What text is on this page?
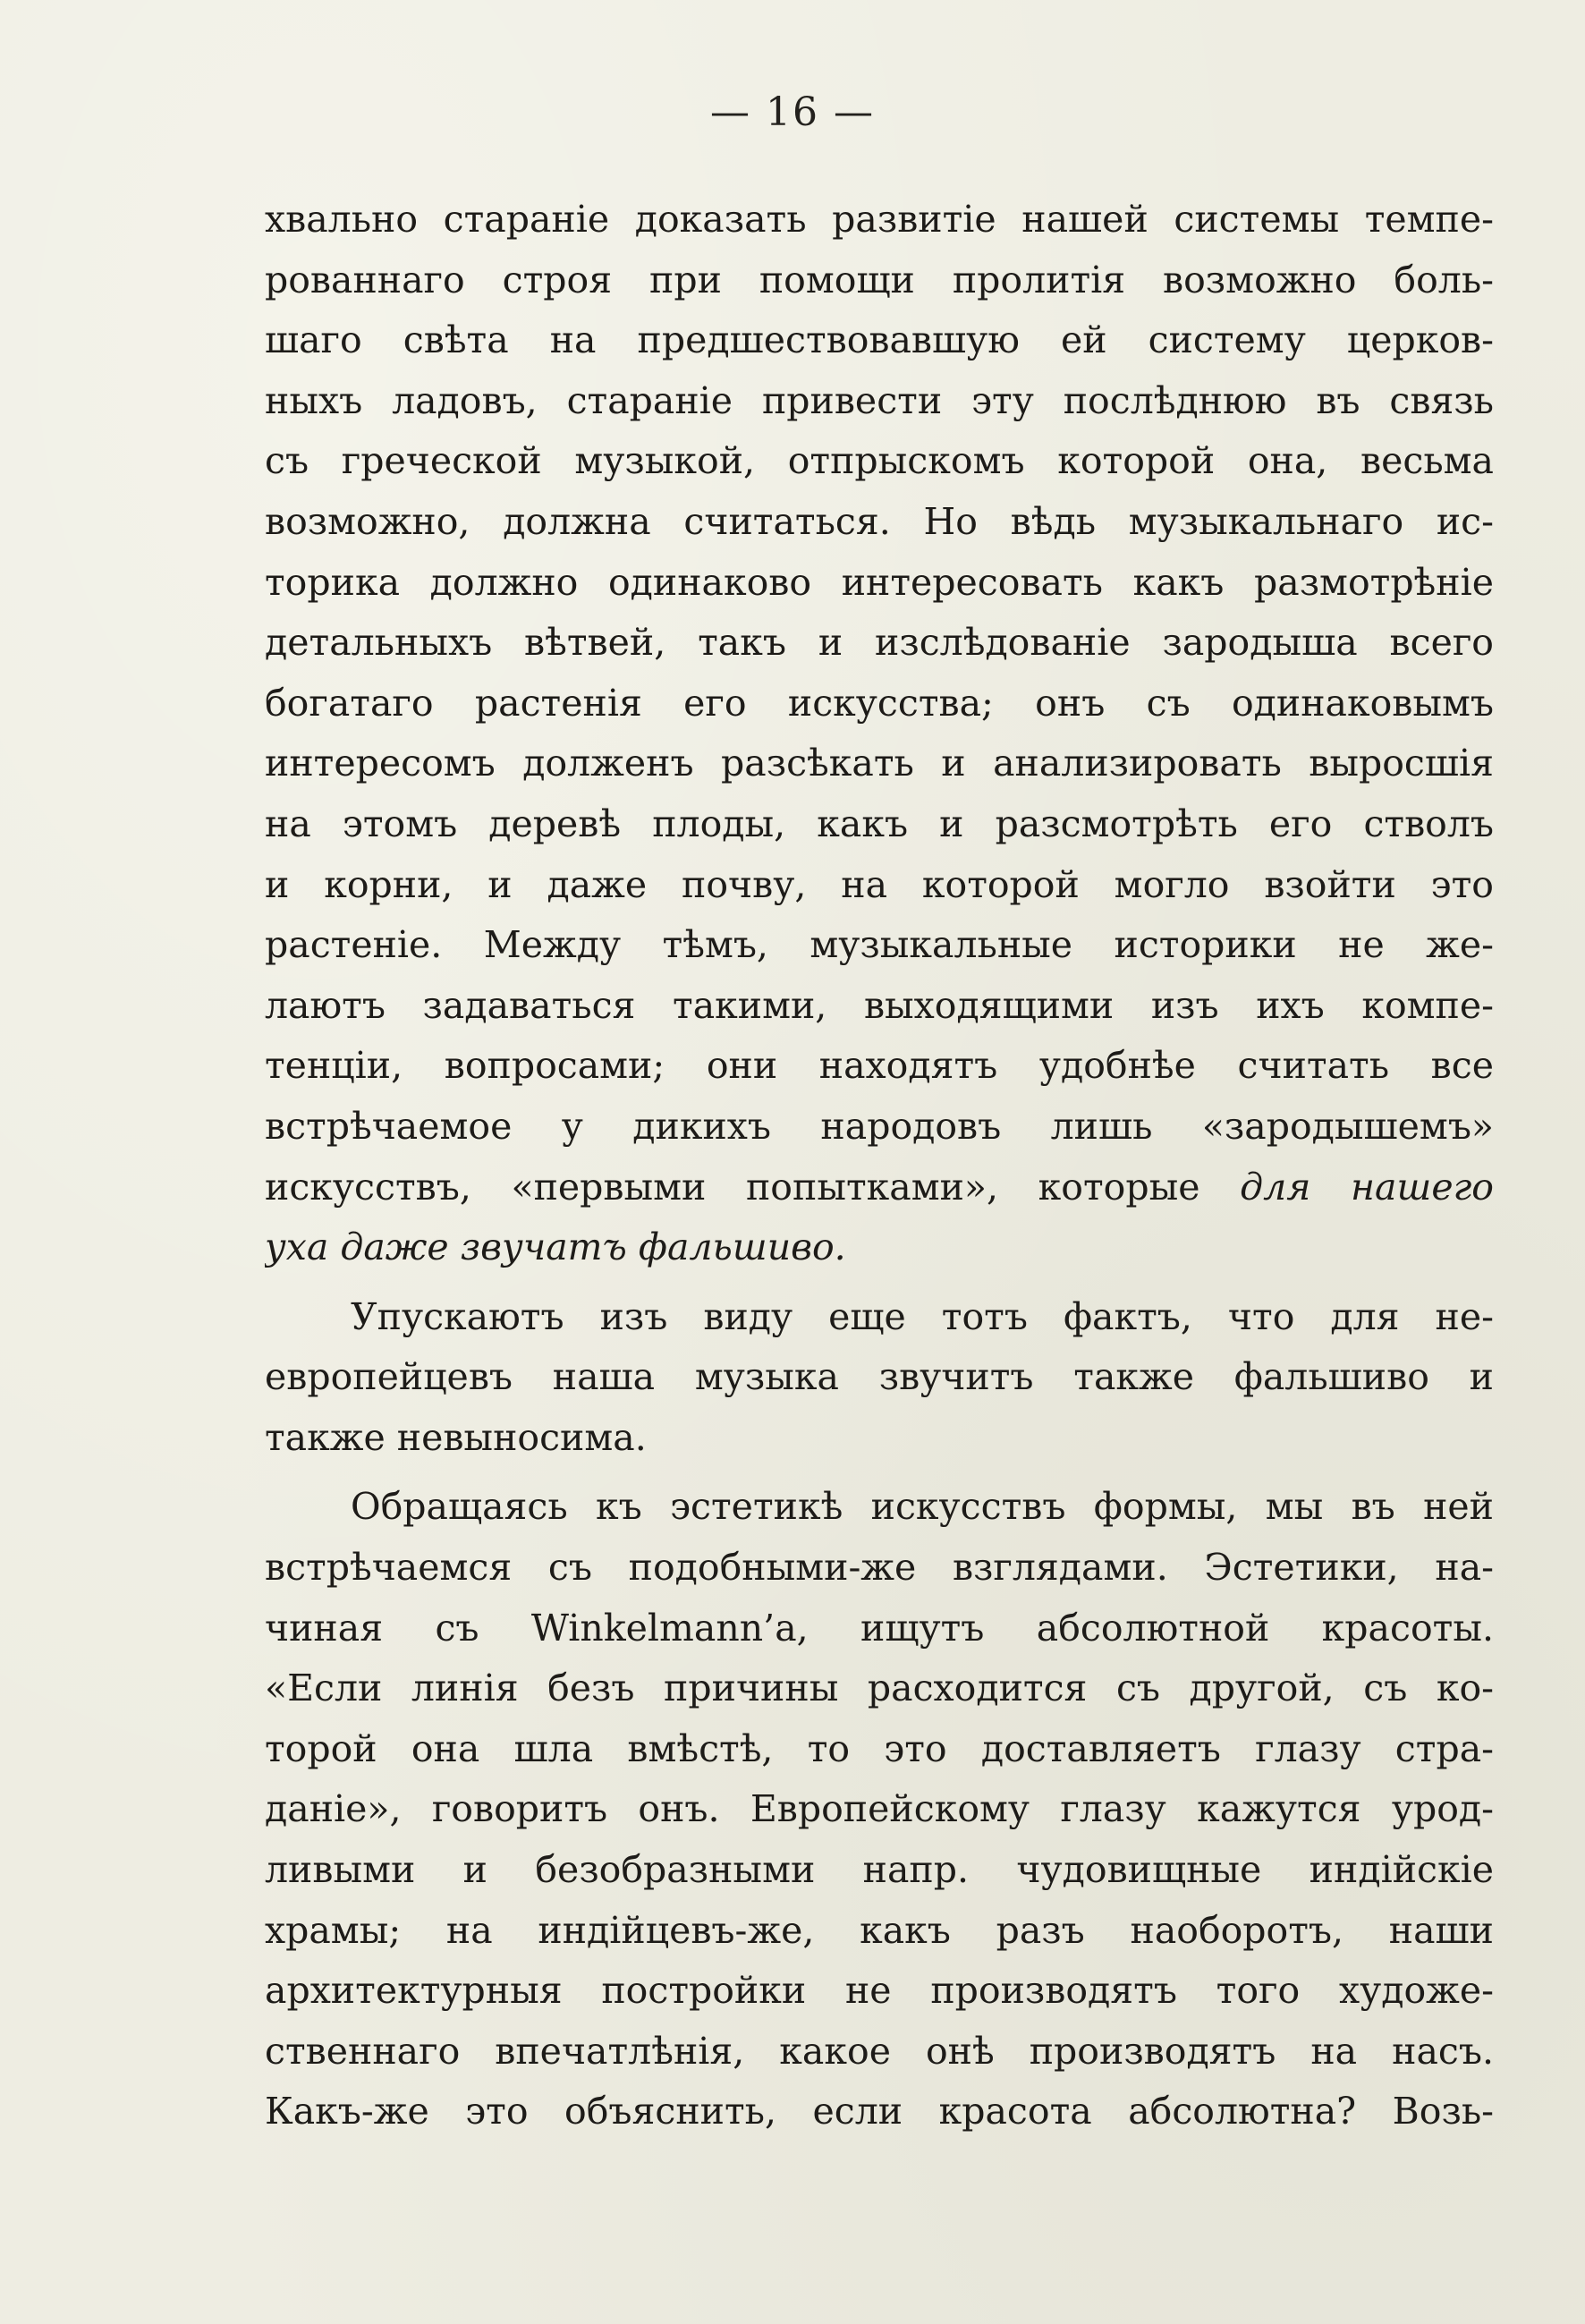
— 16 —
хвально стараніе доказать развитіе нашей системы темпе-
рованнаго строя при помощи пролитія возможно боль-
шаго свѣта на предшествовавшую ей систему церков-
ныхъ ладовъ, стараніе привести эту послѣднюю въ связь
съ греческой музыкой, отпрыскомъ которой она, весьма
возможно, должна считаться. Но вѣдь музыкальнаго ис-
торика должно одинаково интересовать какъ размотрѣніе
детальныхъ вѣтвей, такъ и изслѣдованіе зародыша всего
богатаго растенія его искусства; онъ съ одинаковымъ
интересомъ долженъ разсѣкать и анализировать выросшія
на этомъ деревѣ плоды, какъ и разсмотрѣть его стволъ
и корни, и даже почву, на которой могло взойти это
растеніе. Между тѣмъ, музыкальные историки не же-
лаютъ задаваться такими, выходящими изъ ихъ компе-
тенціи, вопросами; они находятъ удобнѣе считать все
встрѣчаемое у дикихъ народовъ лишь «зародышемъ»
искусствъ, «первыми попытками», которые для нашего
уха даже звучатъ фальшиво.
Упускаютъ изъ виду еще тотъ фактъ, что для не-
европейцевъ наша музыка звучитъ также фальшиво и
также невыносима.
Обращаясь къ эстетикѣ искусствъ формы, мы въ ней
встрѣчаемся съ подобными-же взглядами. Эстетики, на-
чиная съ Winkelmann’а, ищутъ абсолютной красоты.
«Если линія безъ причины расходится съ другой, съ ко-
торой она шла вмѣстѣ, то это доставляетъ глазу стра-
даніе», говоритъ онъ. Европейскому глазу кажутся урод-
ливыми и безобразными напр. чудовищные индійскіе
храмы; на индійцевъ-же, какъ разъ наоборотъ, наши
архитектурныя постройки не производятъ того художе-
ственнаго впечатлѣнія, какое онѣ производятъ на насъ.
Какъ-же это объяснить, если красота абсолютна? Возь-
